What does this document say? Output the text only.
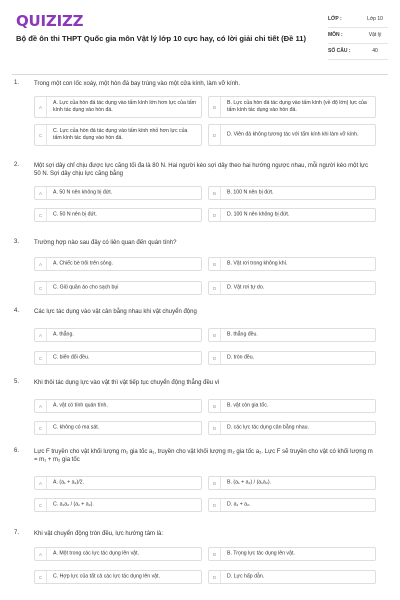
QUIZIZZ
Bộ đề ôn thi THPT Quốc gia môn Vật lý lớp 10 cực hay, có lời giải chi tiết (Đề 11)
LỚP :	Lớp 10
MÔN :	Vật lý
SỐ CÂU :	40
1. Trong một con lốc xoáy, một hòn đá bay trúng vào một cửa kính, làm vỡ kính.
A
A. Lực của hòn đá tác dụng vào tấm kính lớn hơn lực của tấm kính tác dụng vào hòn đá.	B
B. Lực của hòn đá tác dụng vào tấm kính (về độ lớn) lực của tấm kính tác dụng vào hòn đá.
C
C. Lực của hòn đá tác dụng vào tấm kính nhỏ hơn lực của tấm kính tác dụng vào hòn đá.	D	D. Viên đá không tương tác với tấm kính khi làm vỡ kính.
2. Một sợi dây chỉ chịu được lực căng tối đa là 80 N. Hai người kéo sợi dây theo hai hướng ngược nhau, mỗi người kéo một lực 50 N. Sợi dây chịu lực căng bằng
A	A. 50 N nên không bị đứt.	B	B. 100 N nên bị đứt.
C	C. 50 N nên bị đứt.	D	D. 100 N nên không bị đứt.
3. Trường hợp nào sau đây có liên quan đến quán tính?
A	A. Chiếc bè trôi trên sông.	B	B. Vật rơi trong không khí.
C	C. Giũ quần áo cho sạch bụi	D	D. Vật rơi tự do.
4. Các lực tác dụng vào vật cân bằng nhau khi vật chuyển động
A	A. thẳng.	B	B. thẳng đều.
C	C. biến đổi đều.	D	D. tròn đều.
5. Khi thôi tác dụng lực vào vật thì vật tiếp tục chuyển động thẳng đều vì
A	A. vật có tính quán tính.	B	B. vật còn gia tốc.
C	C. không có ma sát.	D	D. các lực tác dụng cân bằng nhau.
6. Lực F truyền cho vật khối lượng m₁ gia tốc a₁, truyền cho vật khối lượng m₂ gia tốc a₂. Lực F sẽ truyền cho vật có khối lượng m = m₁ + m₂ gia tốc
A	A. (a₁ + a₂)/2.	B	B. (a₁ + a₂) / (a₁a₂).
C	C. a₁a₂ / (a₁ + a₂).	D	D. a₁ + a₂.
7. Khi vật chuyển động tròn đều, lực hướng tâm là:
A	A. Một trong các lực tác dụng lên vật.	B	B. Trọng lực tác dụng lên vật.
C	C. Hợp lực của tất cả các lực tác dụng lên vật.	D	D. Lực hấp dẫn.
